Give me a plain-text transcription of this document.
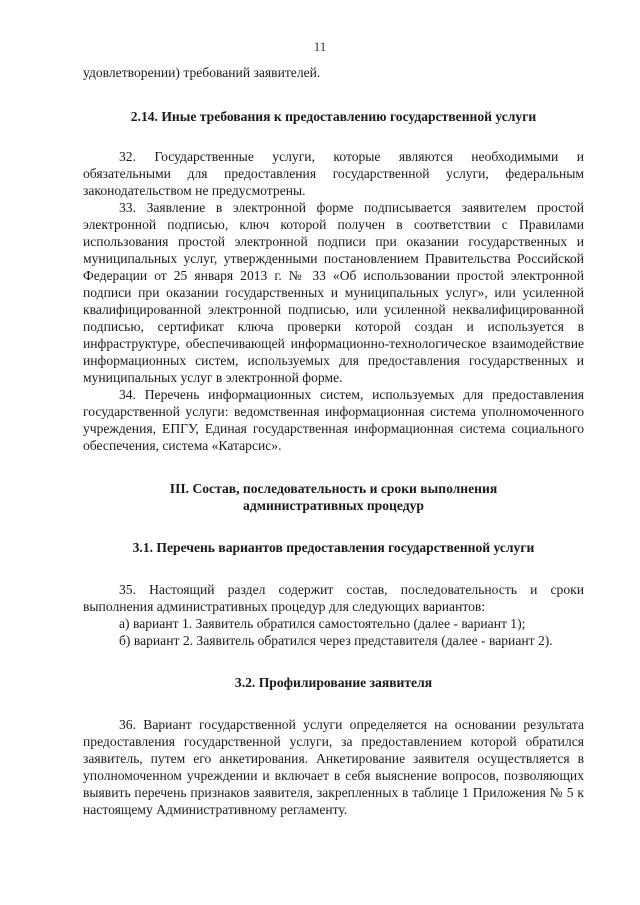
11

удовлетворении) требований заявителей.

2.14. Иные требования к предоставлению государственной услуги

32. Государственные услуги, которые являются необходимыми и обязательными для предоставления государственной услуги, федеральным законодательством не предусмотрены.

33. Заявление в электронной форме подписывается заявителем простой электронной подписью, ключ которой получен в соответствии с Правилами использования простой электронной подписи при оказании государственных и муниципальных услуг, утвержденными постановлением Правительства Российской Федерации от 25 января 2013 г. № 33 «Об использовании простой электронной подписи при оказании государственных и муниципальных услуг», или усиленной квалифицированной электронной подписью, или усиленной неквалифицированной подписью, сертификат ключа проверки которой создан и используется в инфраструктуре, обеспечивающей информационно-технологическое взаимодействие информационных систем, используемых для предоставления государственных и муниципальных услуг в электронной форме.

34. Перечень информационных систем, используемых для предоставления государственной услуги: ведомственная информационная система уполномоченного учреждения, ЕПГУ, Единая государственная информационная система социального обеспечения, система «Катарсис».

III. Состав, последовательность и сроки выполнения
административных процедур
3.1. Перечень вариантов предоставления государственной услуги

35. Настоящий раздел содержит состав, последовательность и сроки выполнения административных процедур для следующих вариантов:

а) вариант 1. Заявитель обратился самостоятельно (далее - вариант 1);

б) вариант 2. Заявитель обратился через представителя (далее - вариант 2).

3.2. Профилирование заявителя

36. Вариант государственной услуги определяется на основании результата предоставления государственной услуги, за предоставлением которой обратился заявитель, путем его анкетирования. Анкетирование заявителя осуществляется в уполномоченном учреждении и включает в себя выяснение вопросов, позволяющих выявить перечень признаков заявителя, закрепленных в таблице 1 Приложения № 5 к настоящему Административному регламенту.
